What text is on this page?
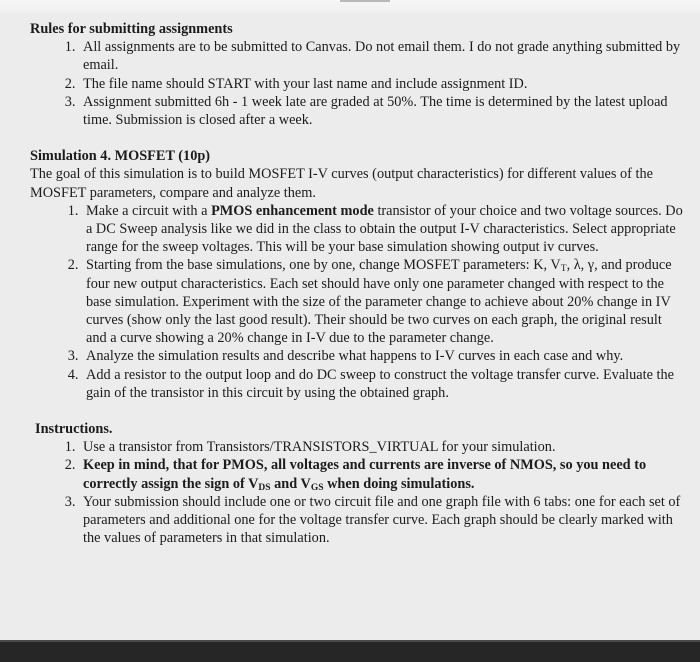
Rules for submitting assignments

1. All assignments are to be submitted to Canvas. Do not email them. I do not grade anything submitted by email.
2. The file name should START with your last name and include assignment ID.
3. Assignment submitted 6h - 1 week late are graded at 50%. The time is determined by the latest upload time. Submission is closed after a week.

Simulation 4. MOSFET (10p)

The goal of this simulation is to build MOSFET I-V curves (output characteristics) for different values of the MOSFET parameters, compare and analyze them.

1. Make a circuit with a PMOS enhancement mode transistor of your choice and two voltage sources. Do a DC Sweep analysis like we did in the class to obtain the output I-V characteristics. Select appropriate range for the sweep voltages. This will be your base simulation showing output iv curves.
2. Starting from the base simulations, one by one, change MOSFET parameters: K, $V_T$, λ, γ, and produce four new output characteristics. Each set should have only one parameter changed with respect to the base simulation. Experiment with the size of the parameter change to achieve about 20% change in IV curves (show only the last good result). Their should be two curves on each graph, the original result and a curve showing a 20% change in I-V due to the parameter change.
3. Analyze the simulation results and describe what happens to I-V curves in each case and why.
4. Add a resistor to the output loop and do DC sweep to construct the voltage transfer curve. Evaluate the gain of the transistor in this circuit by using the obtained graph.

Instructions.

1. Use a transistor from Transistors/TRANSISTORS_VIRTUAL for your simulation.
2. Keep in mind, that for PMOS, all voltages and currents are inverse of NMOS, so you need to correctly assign the sign of $V_{DS}$ and $V_{GS}$ when doing simulations.
3. Your submission should include one or two circuit file and one graph file with 6 tabs: one for each set of parameters and additional one for the voltage transfer curve. Each graph should be clearly marked with the values of parameters in that simulation.
